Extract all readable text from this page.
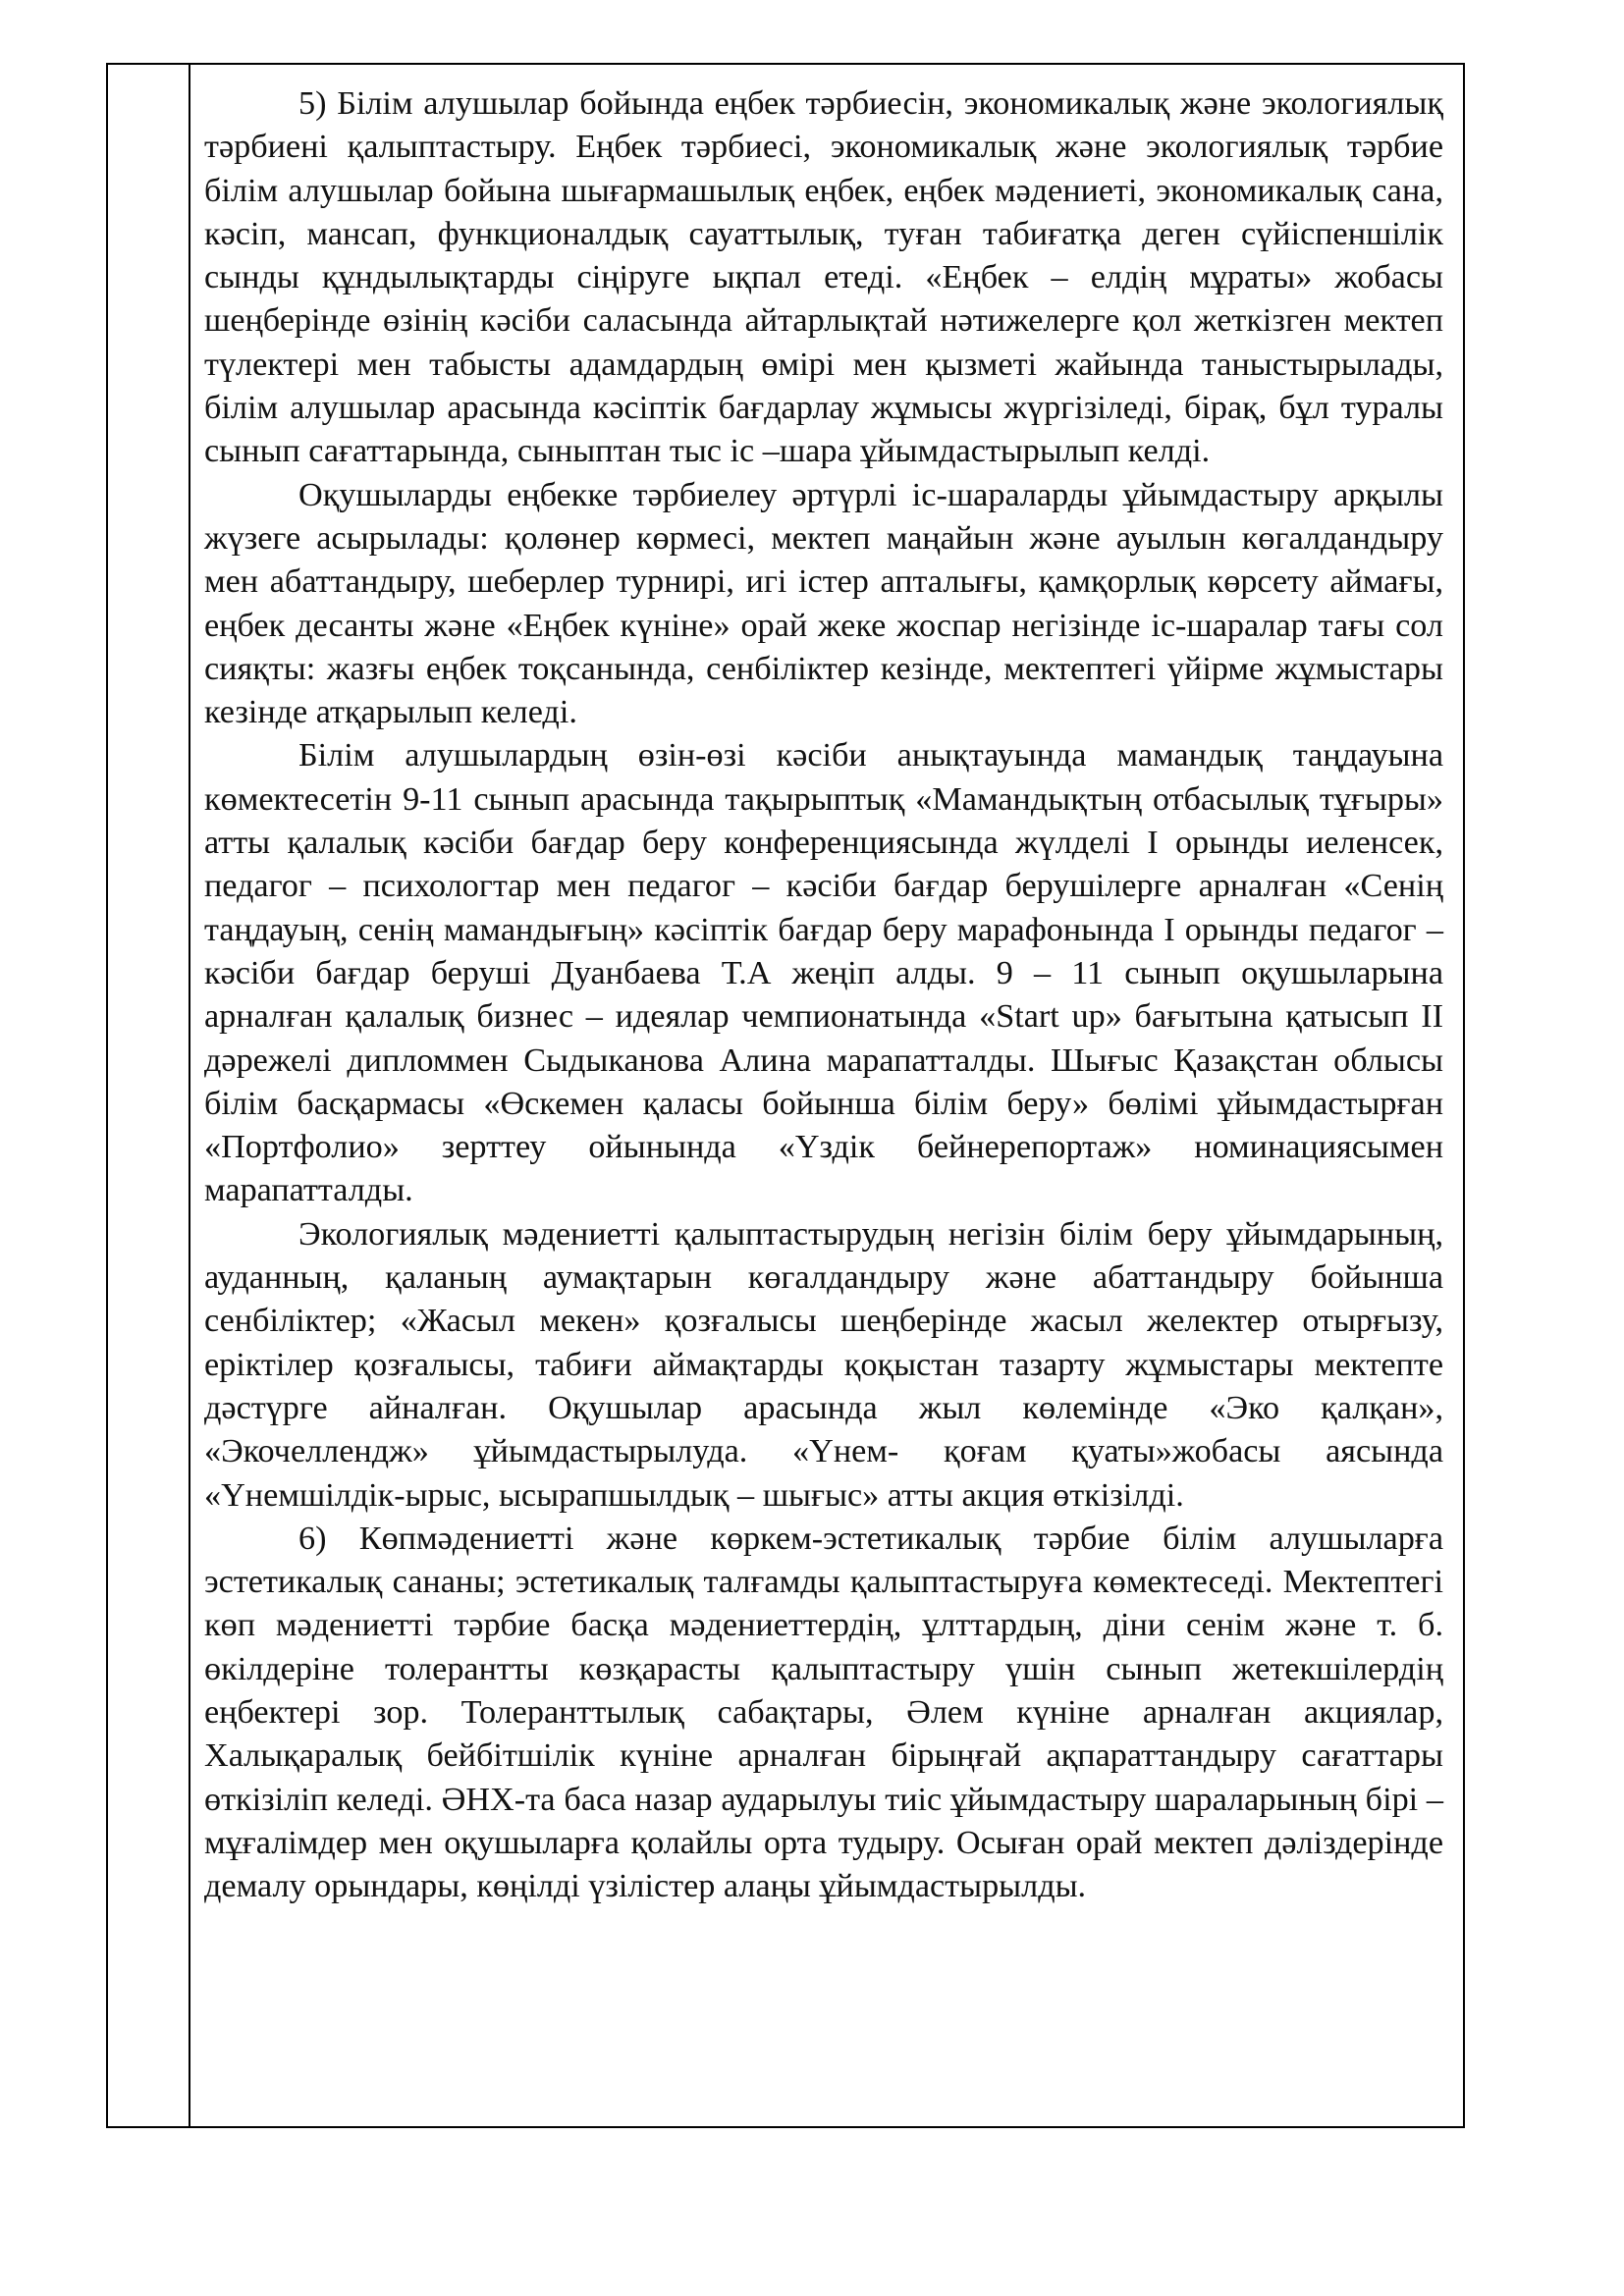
5) Білім алушылар бойында еңбек тәрбиесін, экономикалық және экологиялық тәрбиені қалыптастыру. Еңбек тәрбиесі, экономикалық және экологиялық тәрбие білім алушылар бойына шығармашылық еңбек, еңбек мәдениеті, экономикалық сана, кәсіп, мансап, функционалдық сауаттылық, туған табиғатқа деген сүйіспеншілік сынды құндылықтарды сіңіруге ықпал етеді. «Еңбек – елдің мұраты» жобасы шеңберінде өзінің кәсіби саласында айтарлықтай нәтижелерге қол жеткізген мектеп түлектері мен табысты адамдардың өмірі мен қызметі жайында таныстырылады, білім алушылар арасында кәсіптік бағдарлау жұмысы жүргізіледі, бірақ, бұл туралы сынып сағаттарында, сыныптан тыс іс –шара ұйымдастырылып келді.

Оқушыларды еңбекке тәрбиелеу әртүрлі іс-шараларды ұйымдастыру арқылы жүзеге асырылады: қолөнер көрмесі, мектеп маңайын және ауылын көгалдандыру мен абаттандыру, шеберлер турнирі, игі істер апталығы, қамқорлық көрсету аймағы, еңбек десанты және «Еңбек күніне» орай жеке жоспар негізінде іс-шаралар тағы сол сияқты: жазғы еңбек тоқсанында, сенбіліктер кезінде, мектептегі үйірме жұмыстары кезінде атқарылып келеді.

Білім алушылардың өзін-өзі кәсіби анықтауында мамандық таңдауына көмектесетін 9-11 сынып арасында тақырыптық «Мамандықтың отбасылық тұғыры» атты қалалық кәсіби бағдар беру конференциясында жүлделі І орынды иеленсек, педагог – психологтар мен педагог – кәсіби бағдар берушілерге арналған «Сенің таңдауың, сенің мамандығың» кәсіптік бағдар беру марафонында І орынды педагог – кәсіби бағдар беруші Дуанбаева Т.А жеңіп алды. 9 – 11 сынып оқушыларына арналған қалалық бизнес – идеялар чемпионатында «Start up» бағытына қатысып ІІ дәрежелі дипломмен Сыдыканова Алина марапатталды. Шығыс Қазақстан облысы білім басқармасы «Өскемен қаласы бойынша білім беру» бөлімі ұйымдастырған «Портфолио» зерттеу ойынында «Үздік бейнерепортаж» номинациясымен марапатталды.

Экологиялық мәдениетті қалыптастырудың негізін білім беру ұйымдарының, ауданның, қаланың аумақтарын көгалдандыру және абаттандыру бойынша сенбіліктер; «Жасыл мекен» қозғалысы шеңберінде жасыл желектер отырғызу, еріктілер қозғалысы, табиғи аймақтарды қоқыстан тазарту жұмыстары мектепте дәстүрге айналған. Оқушылар арасында жыл көлемінде «Эко қалқан», «Экочеллендж» ұйымдастырылуда. «Үнем- қоғам қуаты»жобасы аясында «Үнемшілдік-ырыс, ысырапшылдық – шығыс» атты акция өткізілді.

6) Көпмәдениетті және көркем-эстетикалық тәрбие білім алушыларға эстетикалық сананы; эстетикалық талғамды қалыптастыруға көмектеседі. Мектептегі көп мәдениетті тәрбие басқа мәдениеттердің, ұлттардың, діни сенім және т. б. өкілдеріне толерантты көзқарасты қалыптастыру үшін сынып жетекшілердің еңбектері зор. Толеранттылық сабақтары, Әлем күніне арналған акциялар, Халықаралық бейбітшілік күніне арналған бірыңғай ақпараттандыру сағаттары өткізіліп келеді. ӘНХ-та баса назар аударылуы тиіс ұйымдастыру шараларының бірі – мұғалімдер мен оқушыларға қолайлы орта тудыру. Осыған орай мектеп дәліздерінде демалу орындары, көңілді үзілістер алаңы ұйымдастырылды.
